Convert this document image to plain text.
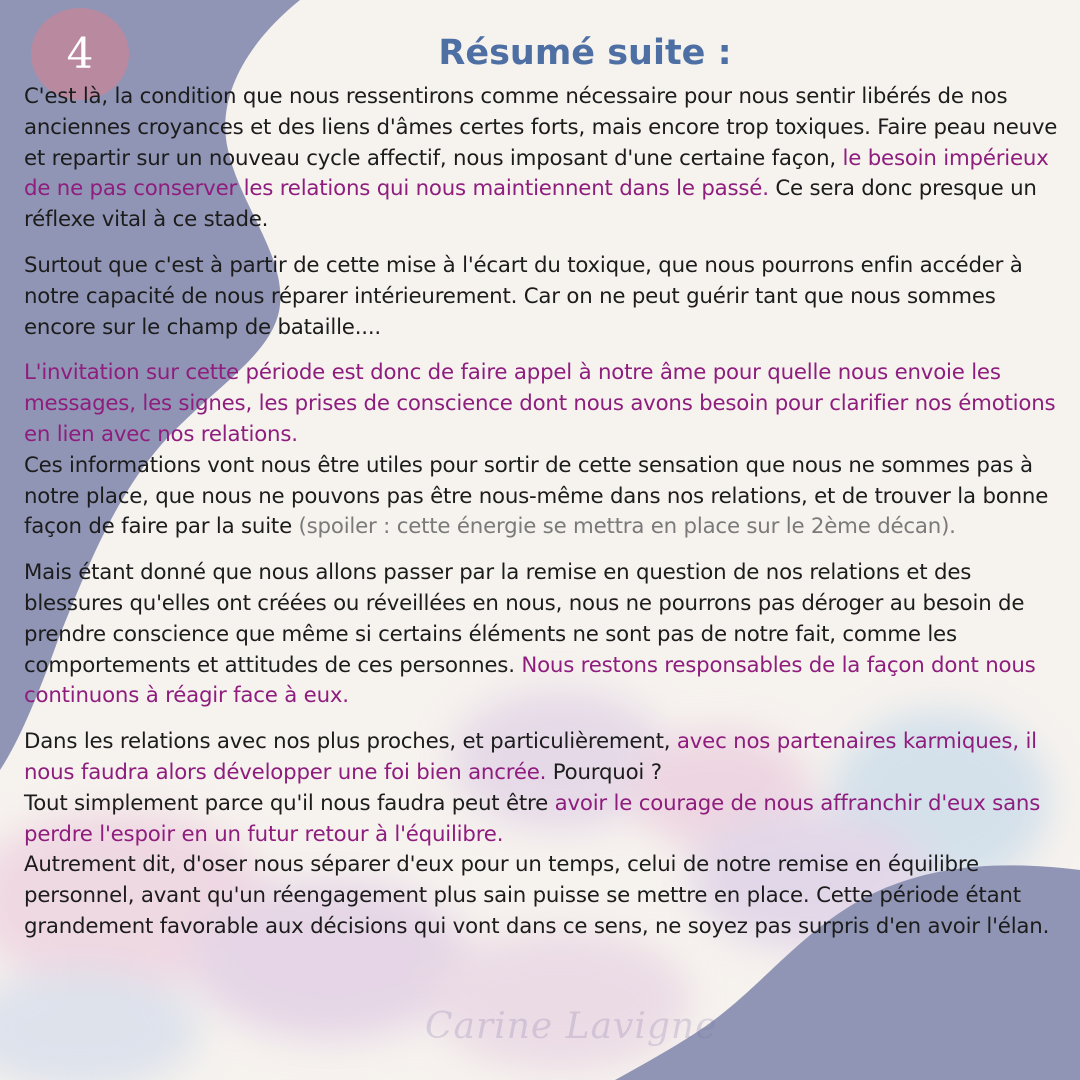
4	Résumé suite :

C'est là, la condition que nous ressentirons comme nécessaire pour nous sentir libérés de nos anciennes croyances et des liens d'âmes certes forts, mais encore trop toxiques. Faire peau neuve et repartir sur un nouveau cycle affectif, nous imposant d'une certaine façon, le besoin impérieux de ne pas conserver les relations qui nous maintiennent dans le passé. Ce sera donc presque un réflexe vital à ce stade.

Surtout que c'est à partir de cette mise à l'écart du toxique, que nous pourrons enfin accéder à notre capacité de nous réparer intérieurement. Car on ne peut guérir tant que nous sommes encore sur le champ de bataille....

L'invitation sur cette période est donc de faire appel à notre âme pour quelle nous envoie les messages, les signes, les prises de conscience dont nous avons besoin pour clarifier nos émotions en lien avec nos relations.
Ces informations vont nous être utiles pour sortir de cette sensation que nous ne sommes pas à notre place, que nous ne pouvons pas être nous-même dans nos relations, et de trouver la bonne façon de faire par la suite (spoiler : cette énergie se mettra en place sur le 2ème décan).

Mais étant donné que nous allons passer par la remise en question de nos relations et des blessures qu'elles ont créées ou réveillées en nous, nous ne pourrons pas déroger au besoin de prendre conscience que même si certains éléments ne sont pas de notre fait, comme les comportements et attitudes de ces personnes. Nous restons responsables de la façon dont nous continuons à réagir face à eux.

Dans les relations avec nos plus proches, et particulièrement, avec nos partenaires karmiques, il nous faudra alors développer une foi bien ancrée. Pourquoi ?
Tout simplement parce qu'il nous faudra peut être avoir le courage de nous affranchir d'eux sans perdre l'espoir en un futur retour à l'équilibre.
Autrement dit, d'oser nous séparer d'eux pour un temps, celui de notre remise en équilibre personnel, avant qu'un réengagement plus sain puisse se mettre en place. Cette période étant grandement favorable aux décisions qui vont dans ce sens, ne soyez pas surpris d'en avoir l'élan.

Carine Lavigne
